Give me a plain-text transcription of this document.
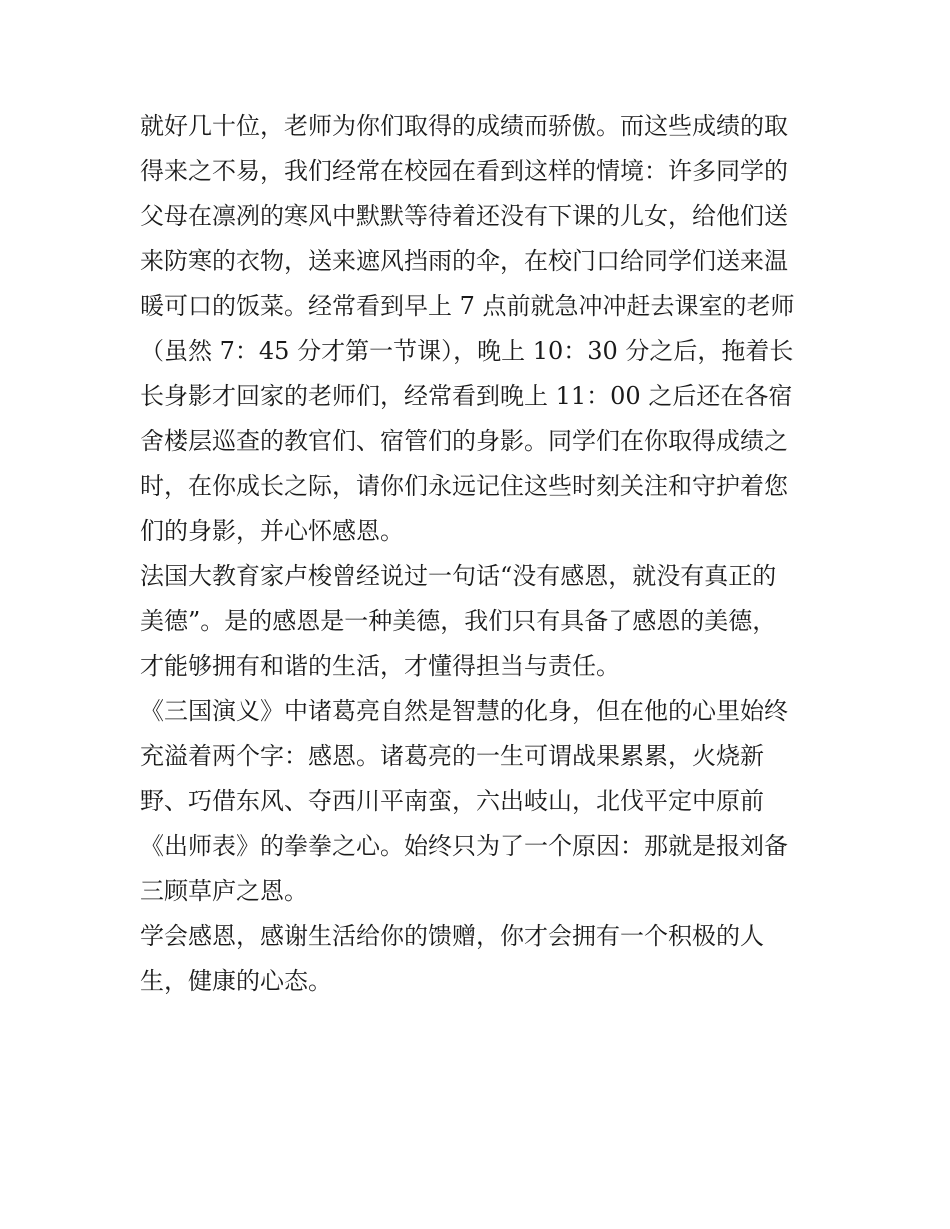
就好几十位，老师为你们取得的成绩而骄傲。而这些成绩的取
得来之不易，我们经常在校园在看到这样的情境：许多同学的
父母在凛冽的寒风中默默等待着还没有下课的儿女，给他们送
来防寒的衣物，送来遮风挡雨的伞，在校门口给同学们送来温
暖可口的饭菜。经常看到早上 7 点前就急冲冲赶去课室的老师
（虽然 7：45 分才第一节课），晚上 10：30 分之后，拖着长
长身影才回家的老师们，经常看到晚上 11：00 之后还在各宿
舍楼层巡查的教官们、宿管们的身影。同学们在你取得成绩之
时，在你成长之际，请你们永远记住这些时刻关注和守护着您
们的身影，并心怀感恩。
法国大教育家卢梭曾经说过一句话“没有感恩，就没有真正的
美德”。是的感恩是一种美德，我们只有具备了感恩的美德，
才能够拥有和谐的生活，才懂得担当与责任。
《三国演义》中诸葛亮自然是智慧的化身，但在他的心里始终
充溢着两个字：感恩。诸葛亮的一生可谓战果累累，火烧新
野、巧借东风、夺西川平南蛮，六出岐山，北伐平定中原前
《出师表》的拳拳之心。始终只为了一个原因：那就是报刘备
三顾草庐之恩。
学会感恩，感谢生活给你的馈赠，你才会拥有一个积极的人
生，健康的心态。
